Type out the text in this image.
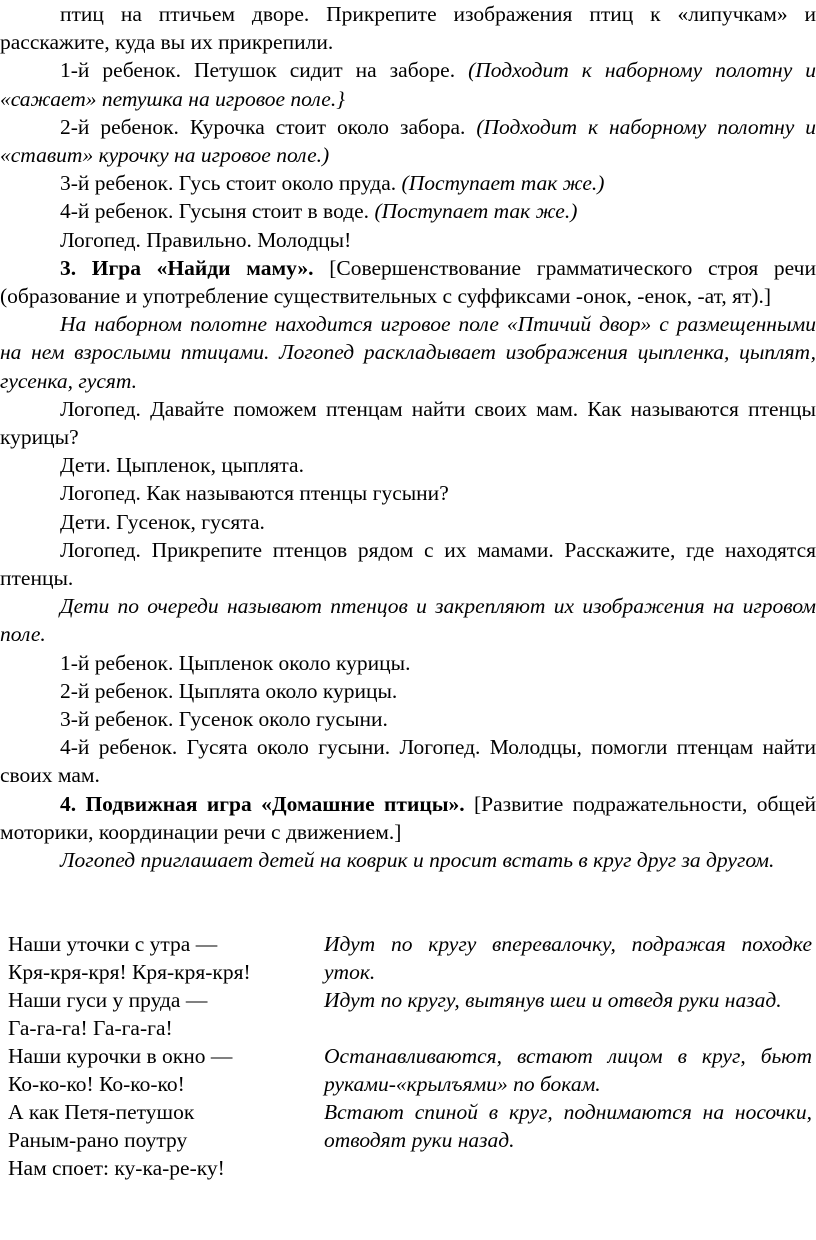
птиц на птичьем дворе. Прикрепите изображения птиц к «липучкам» и расскажите, куда вы их прикрепили.

1-й ребенок. Петушок сидит на заборе. (Подходит к наборному полотну и «сажает» петушка на игровое поле.}

2-й ребенок. Курочка стоит около забора. (Подходит к наборному полотну и «ставит» курочку на игровое поле.)

3-й ребенок. Гусь стоит около пруда. (Поступает так же.)

4-й ребенок. Гусыня стоит в воде. (Поступает так же.)

Логопед. Правильно. Молодцы!

3. Игра «Найди маму». [Совершенствование грамматического строя речи (образование и употребление существительных с суффиксами -онок, -енок, -ат, ят).]

На наборном полотне находится игровое поле «Птичий двор» с размещенными на нем взрослыми птицами. Логопед раскладывает изображения цыпленка, цыплят, гусенка, гусят.

Логопед. Давайте поможем птенцам найти своих мам. Как называются птенцы курицы?

Дети. Цыпленок, цыплята.

Логопед. Как называются птенцы гусыни?

Дети. Гусенок, гусята.

Логопед. Прикрепите птенцов рядом с их мамами. Расскажите, где находятся птенцы.

Дети по очереди называют птенцов и закрепляют их изображения на игровом поле.

1-й ребенок. Цыпленок около курицы.

2-й ребенок. Цыплята около курицы.

3-й ребенок. Гусенок около гусыни.

4-й ребенок. Гусята около гусыни. Логопед. Молодцы, помогли птенцам найти своих мам.

4. Подвижная игра «Домашние птицы». [Развитие подражательности, общей моторики, координации речи с движением.]

Логопед приглашает детей на коврик и просит встать в круг друг за другом.

Наши уточки с утра —
Кря-кря-кря! Кря-кря-кря!
Идут по кругу вперевалочку, подражая походке уток.
Наши гуси у пруда —
Га-га-га! Га-га-га!
Идут по кругу, вытянув шеи и отведя руки назад.
Наши курочки в окно —
Ко-ко-ко! Ко-ко-ко!
Останавливаются, встают лицом в круг, бьют руками-«крылъями» по бокам.
А как Петя-петушок
Раным-рано поутру
Нам споет: ку-ка-ре-ку!
Встают спиной в круг, поднимаются на носочки, отводят руки назад.
